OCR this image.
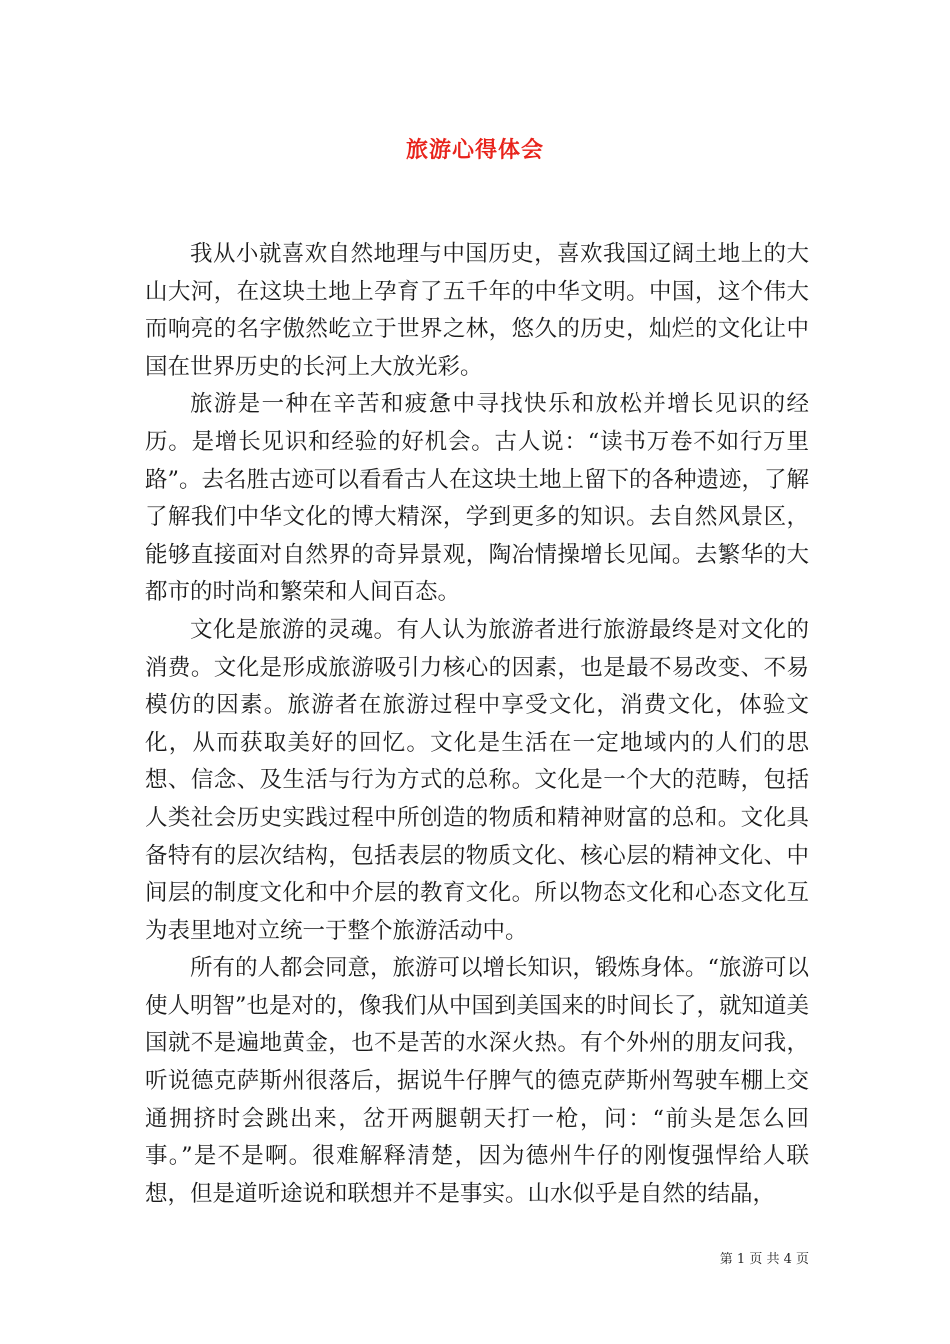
旅游心得体会

我从小就喜欢自然地理与中国历史，喜欢我国辽阔土地上的大山大河，在这块土地上孕育了五千年的中华文明。中国，这个伟大而响亮的名字傲然屹立于世界之林，悠久的历史，灿烂的文化让中国在世界历史的长河上大放光彩。

旅游是一种在辛苦和疲惫中寻找快乐和放松并增长见识的经历。是增长见识和经验的好机会。古人说：“读书万卷不如行万里路”。去名胜古迹可以看看古人在这块土地上留下的各种遗迹，了解了解我们中华文化的博大精深，学到更多的知识。去自然风景区，能够直接面对自然界的奇异景观，陶冶情操增长见闻。去繁华的大都市的时尚和繁荣和人间百态。

文化是旅游的灵魂。有人认为旅游者进行旅游最终是对文化的消费。文化是形成旅游吸引力核心的因素，也是最不易改变、不易模仿的因素。旅游者在旅游过程中享受文化，消费文化，体验文化，从而获取美好的回忆。文化是生活在一定地域内的人们的思想、信念、及生活与行为方式的总称。文化是一个大的范畴，包括人类社会历史实践过程中所创造的物质和精神财富的总和。文化具备特有的层次结构，包括表层的物质文化、核心层的精神文化、中间层的制度文化和中介层的教育文化。所以物态文化和心态文化互为表里地对立统一于整个旅游活动中。

所有的人都会同意，旅游可以增长知识，锻炼身体。“旅游可以使人明智”也是对的，像我们从中国到美国来的时间长了，就知道美国就不是遍地黄金，也不是苦的水深火热。有个外州的朋友问我，听说德克萨斯州很落后，据说牛仔脾气的德克萨斯州驾驶车棚上交通拥挤时会跳出来，岔开两腿朝天打一枪，问：“前头是怎么回事。”是不是啊。很难解释清楚，因为德州牛仔的刚愎强悍给人联想，但是道听途说和联想并不是事实。山水似乎是自然的结晶，

第 1 页 共 4 页
